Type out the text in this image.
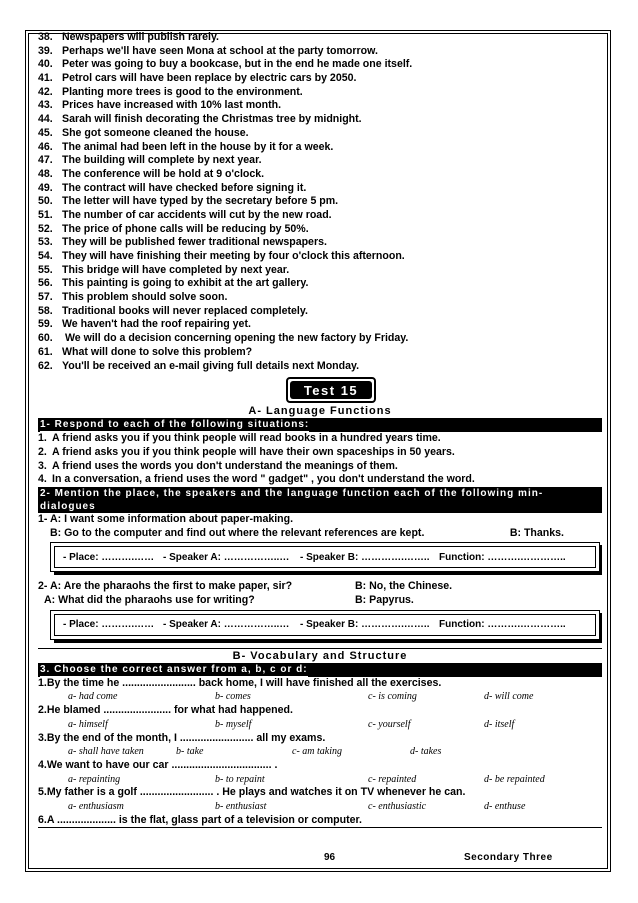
38. Newspapers will publish rarely.
39. Perhaps we'll have seen Mona at school at the party tomorrow.
40. Peter was going to buy a bookcase, but in the end he made one itself.
41. Petrol cars will have been replace by electric cars by 2050.
42. Planting more trees is good to the environment.
43. Prices have increased with 10% last month.
44. Sarah will finish decorating the Christmas tree by midnight.
45. She got someone cleaned the house.
46. The animal had been left in the house by it for a week.
47. The building will complete by next year.
48. The conference will be hold at 9 o'clock.
49. The contract will have checked before signing it.
50. The letter will have typed by the secretary before 5 pm.
51. The number of car accidents will cut by the new road.
52. The price of phone calls will be reducing by 50%.
53. They will be published fewer traditional newspapers.
54. They will have finishing their meeting by four o'clock this afternoon.
55. This bridge will have completed by next year.
56. This painting is going to exhibit at the art gallery.
57. This problem should solve soon.
58. Traditional books will never replaced completely.
59. We haven't had the roof repairing yet.
60. We will do a decision concerning opening the new factory by Friday.
61. What will done to solve this problem?
62. You'll be received an e-mail giving full details next Monday.
Test 15
A- Language Functions
1- Respond to each of the following situations:
1. A friend asks you if you think people will read books in a hundred years time.
2. A friend asks you if you think people will have their own spaceships in 50 years.
3. A friend uses the words you don't understand the meanings of them.
4. In a conversation, a friend uses the word " gadget" , you don't understand the word.
2- Mention the place, the speakers and the language function each of the following min-
dialogues
1- A: I want some information about paper-making.
B: Go to the computer and find out where the relevant references are kept.	B: Thanks.
- Place: ……….…… - Speaker A: ……………..…	- Speaker B: ………….…….. Function: ……….…………..
2- A: Are the pharaohs the first to make paper, sir?	B: No, the Chinese.
A: What did the pharaohs use for writing?	B: Papyrus.
- Place: ……….…… - Speaker A: ……………..…	- Speaker B: ………….…….. Function: ……….…………..
B- Vocabulary and Structure
3. Choose the correct answer from a, b, c or d:
1.By the time he ......................... back home, I will have finished all the exercises.
a- had come	b- comes	c- is coming	d- will come
2.He blamed ....................... for what had happened.
a- himself	b- myself	c- yourself	d- itself
3.By the end of the month, I ......................... all my exams.
a- shall have taken	b- take	c- am taking	d- takes
4.We want to have our car .................................. .
a- repainting	b- to repaint	c- repainted	d- be repainted
5.My father is a golf ......................... . He plays and watches it on TV whenever he can.
a- enthusiasm	b- enthusiast	c- enthusiastic	d- enthuse
6.A .................... is the flat, glass part of a television or computer.
96	Secondary Three
